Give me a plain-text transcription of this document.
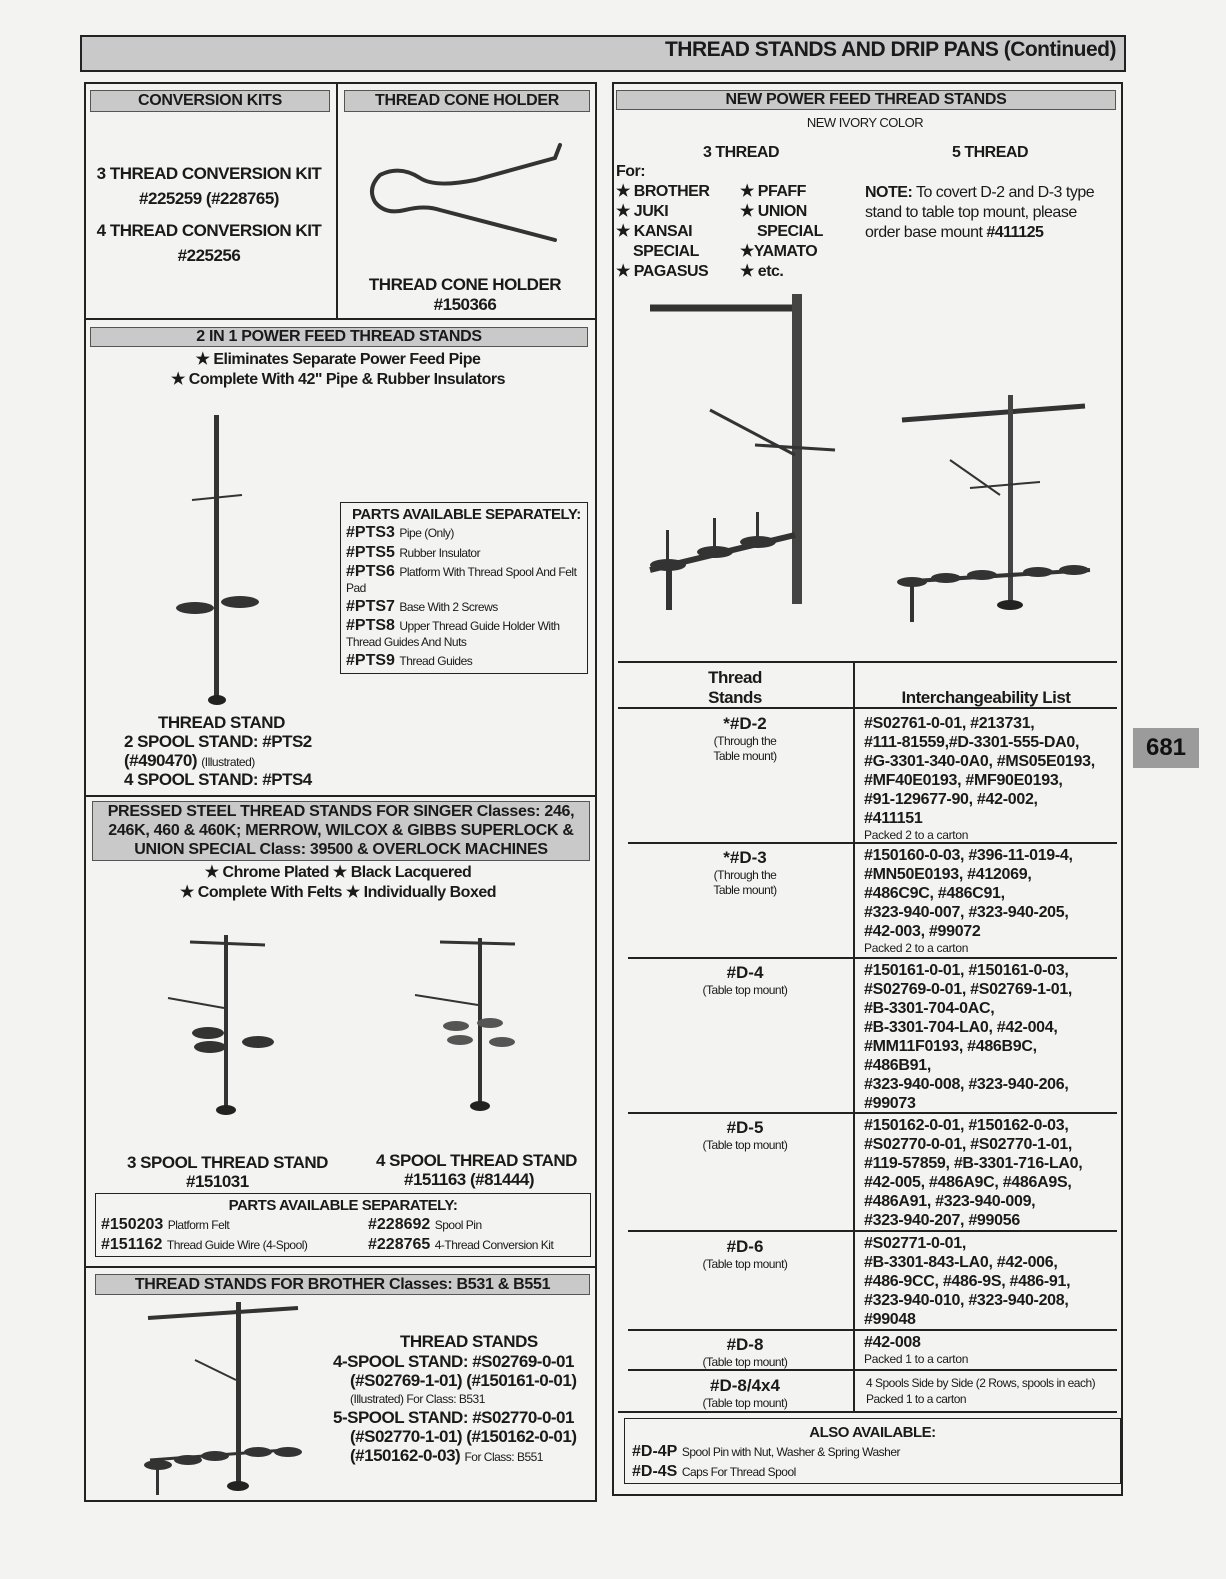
THREAD STANDS AND DRIP PANS (Continued)
681
CONVERSION KITS
3 THREAD CONVERSION KIT
#225259 (#228765)
4 THREAD CONVERSION KIT
#225256
THREAD CONE HOLDER
THREAD CONE HOLDER
#150366
2 IN 1 POWER FEED THREAD STANDS
★ Eliminates Separate Power Feed Pipe
★ Complete With 42" Pipe & Rubber Insulators
PARTS AVAILABLE SEPARATELY:
#PTS3 Pipe (Only)
#PTS5 Rubber Insulator
#PTS6 Platform With Thread Spool And Felt Pad
#PTS7 Base With 2 Screws
#PTS8 Upper Thread Guide Holder With Thread Guides And Nuts
#PTS9 Thread Guides
THREAD STAND
2 SPOOL STAND: #PTS2
(#490470) (Illustrated)
4 SPOOL STAND: #PTS4
PRESSED STEEL THREAD STANDS FOR SINGER Classes: 246,
246K, 460 & 460K; MERROW, WILCOX & GIBBS SUPERLOCK &
UNION SPECIAL Class: 39500 & OVERLOCK MACHINES
★ Chrome Plated ★ Black Lacquered
★ Complete With Felts ★ Individually Boxed
3 SPOOL THREAD STAND
#151031
4 SPOOL THREAD STAND
#151163 (#81444)
PARTS AVAILABLE SEPARATELY:
#150203 Platform Felt
#151162 Thread Guide Wire (4-Spool)
#228692 Spool Pin
#228765 4-Thread Conversion Kit
THREAD STANDS FOR BROTHER Classes: B531 & B551
THREAD STANDS
4-SPOOL STAND: #S02769-0-01
(#S02769-1-01) (#150161-0-01)
(Illustrated) For Class: B531
5-SPOOL STAND: #S02770-0-01
(#S02770-1-01) (#150162-0-01)
(#150162-0-03) For Class: B551
NEW POWER FEED THREAD STANDS
NEW IVORY COLOR
3 THREAD	5 THREAD
For:
★ BROTHER
★ JUKI
★ KANSAI
SPECIAL
★ PAGASUS
★ PFAFF
★ UNION
SPECIAL
★YAMATO
★ etc.
NOTE: To covert D-2 and D-3 type stand to table top mount, please order base mount #411125
Thread
Stands	Interchangeability List
*#D-2
(Through the Table mount)
#S02761-0-01, #213731,
#111-81559,#D-3301-555-DA0,
#G-3301-340-0A0, #MS05E0193,
#MF40E0193, #MF90E0193,
#91-129677-90, #42-002,
#411151
Packed 2 to a carton
*#D-3
(Through the Table mount)
#150160-0-03, #396-11-019-4,
#MN50E0193, #412069,
#486C9C, #486C91,
#323-940-007, #323-940-205,
#42-003, #99072
Packed 2 to a carton
#D-4
(Table top mount)
#150161-0-01, #150161-0-03,
#S02769-0-01, #S02769-1-01,
#B-3301-704-0AC,
#B-3301-704-LA0, #42-004,
#MM11F0193, #486B9C,
#486B91,
#323-940-008, #323-940-206,
#99073
#D-5
(Table top mount)
#150162-0-01, #150162-0-03,
#S02770-0-01, #S02770-1-01,
#119-57859, #B-3301-716-LA0,
#42-005, #486A9C, #486A9S,
#486A91, #323-940-009,
#323-940-207, #99056
#D-6
(Table top mount)
#S02771-0-01,
#B-3301-843-LA0, #42-006,
#486-9CC, #486-9S, #486-91,
#323-940-010, #323-940-208,
#99048
#D-8
(Table top mount)
#42-008
Packed 1 to a carton
#D-8/4x4
(Table top mount)
4 Spools Side by Side (2 Rows, spools in each)
Packed 1 to a carton
ALSO AVAILABLE:
#D-4P Spool Pin with Nut, Washer & Spring Washer
#D-4S Caps For Thread Spool
